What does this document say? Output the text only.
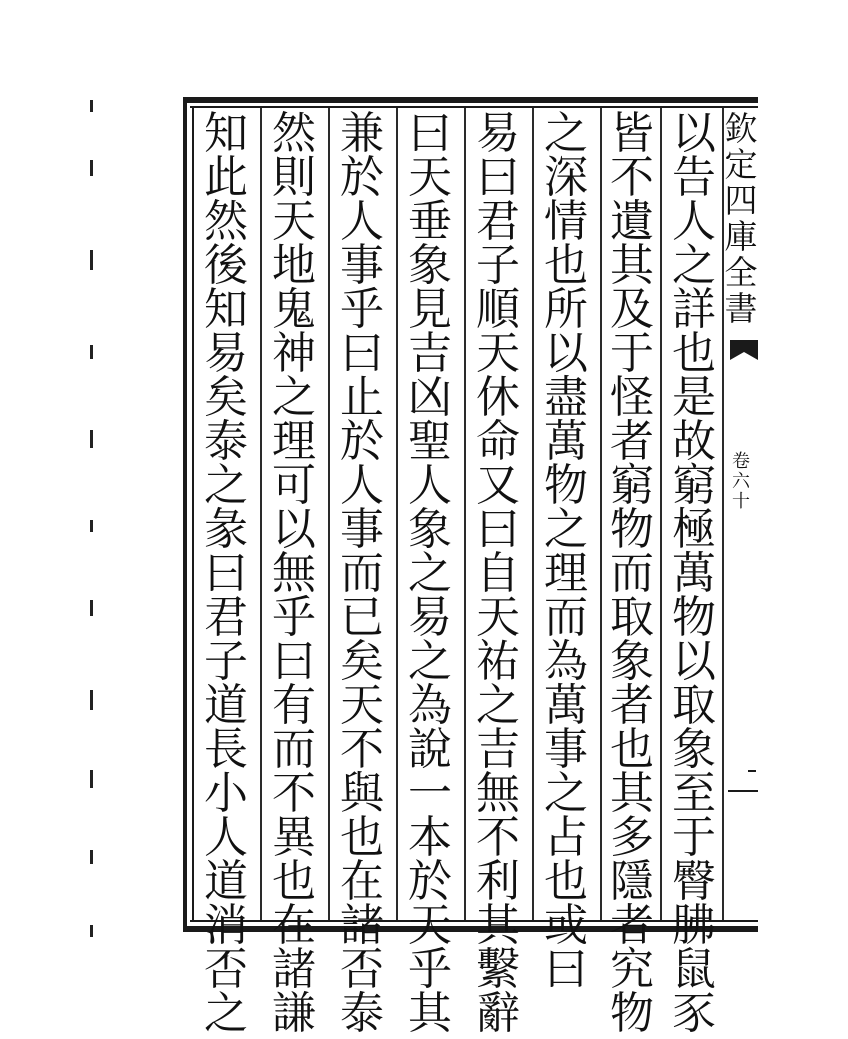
欽
定
四
庫
全
書
卷
六
十
以
告
人
之
詳
也
是
故
窮
極
萬
物
以
取
象
至
于
臀
胇
鼠
豕
皆
不
遺
其
及
于
怪
者
窮
物
而
取
象
者
也
其
多
隱
者
究
物
之
深
情
也
所
以
盡
萬
物
之
理
而
為
萬
事
之
占
也
或
曰
易
曰
君
子
順
天
休
命
又
曰
自
天
祐
之
吉
無
不
利
其
繫
辭
曰
天
垂
象
見
吉
凶
聖
人
象
之
易
之
為
說
一
本
於
天
乎
其
兼
於
人
事
乎
曰
止
於
人
事
而
已
矣
天
不
與
也
在
諸
否
泰
然
則
天
地
鬼
神
之
理
可
以
無
乎
曰
有
而
不
異
也
在
諸
謙
知
此
然
後
知
易
矣
泰
之
彖
曰
君
子
道
長
小
人
道
消
否
之
